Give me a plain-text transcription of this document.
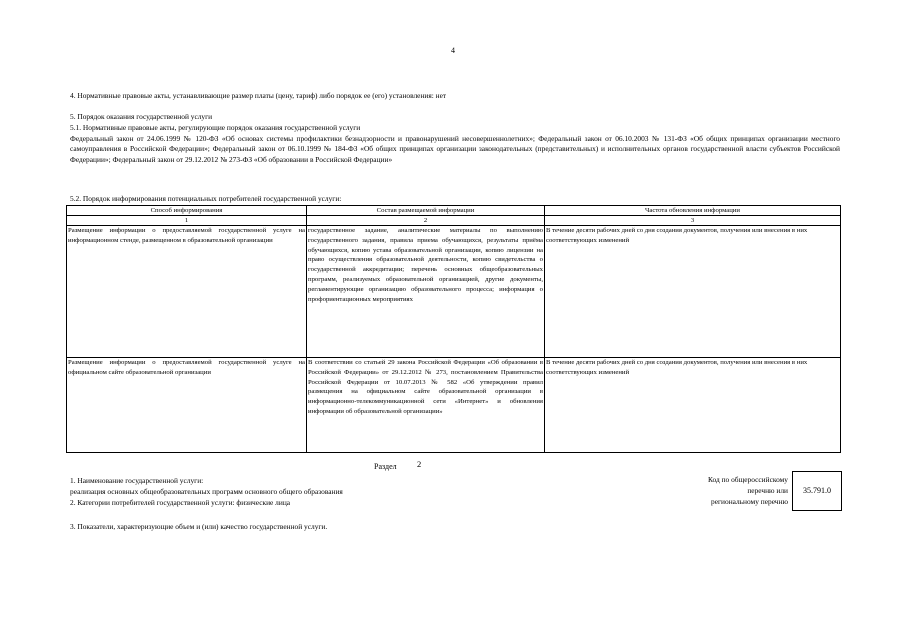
4
4. Нормативные правовые акты, устанавливающие размер платы (цену, тариф) либо порядок ее (его) установления: нет
5. Порядок оказания государственной услуги
5.1. Нормативные правовые акты, регулирующие порядок оказания государственной услуги
Федеральный закон от 24.06.1999 № 120-ФЗ «Об основах системы профилактики безнадзорности и правонарушений несовершеннолетних»; Федеральный закон от 06.10.2003 № 131-ФЗ «Об общих принципах организации местного самоуправления в Российской Федерации»; Федеральный закон от 06.10.1999 № 184-ФЗ «Об общих принципах организации законодательных (представительных) и исполнительных органов государственной власти субъектов Российской Федерации»; Федеральный закон от 29.12.2012 № 273-ФЗ «Об образовании в Российской Федерации»
5.2. Порядок информирования потенциальных потребителей государственной услуги:
Способ информирования	Состав размещаемой информации	Частота обновления информации
1	2	3
Размещение информации о предоставляемой государственной услуге на информационном стенде, размещенном в образовательной организации	государственное задание, аналитические материалы по выполнению государственного задания, правила приема обучающихся, результаты приёма обучающихся, копию устава образовательной организации, копию лицензии на право осуществления образовательной деятельности, копию свидетельства о государственной аккредитации; перечень основных общеобразовательных программ, реализуемых образовательной организацией, другие документы, регламентирующие организацию образовательного процесса; информация о профориентационных мероприятиях	В течение десяти рабочих дней со дня создания документов, получения или внесения в них соответствующих изменений
Размещение информации о предоставляемой государственной услуге на официальном сайте образовательной организации	В соответствии со статьей 29 закона Российской Федерации «Об образовании в Российской Федерации» от 29.12.2012 № 273, постановлением Правительства Российской Федерации от 10.07.2013 № 582 «Об утверждении правил размещения на официальном сайте образовательной организации в информационно-телекоммуникационной сети «Интернет» и обновления информации об образовательной организации»	В течение десяти рабочих дней со дня создания документов, получения или внесения в них соответствующих изменений
Раздел 2
1. Наименование государственной услуги:
реализация основных общеобразовательных программ основного общего образования
2. Категории потребителей государственной услуги: физические лица
Код по общероссийскому
перечню или
региональному перечню
35.791.0
3. Показатели, характеризующие объем и (или) качество государственной услуги.
